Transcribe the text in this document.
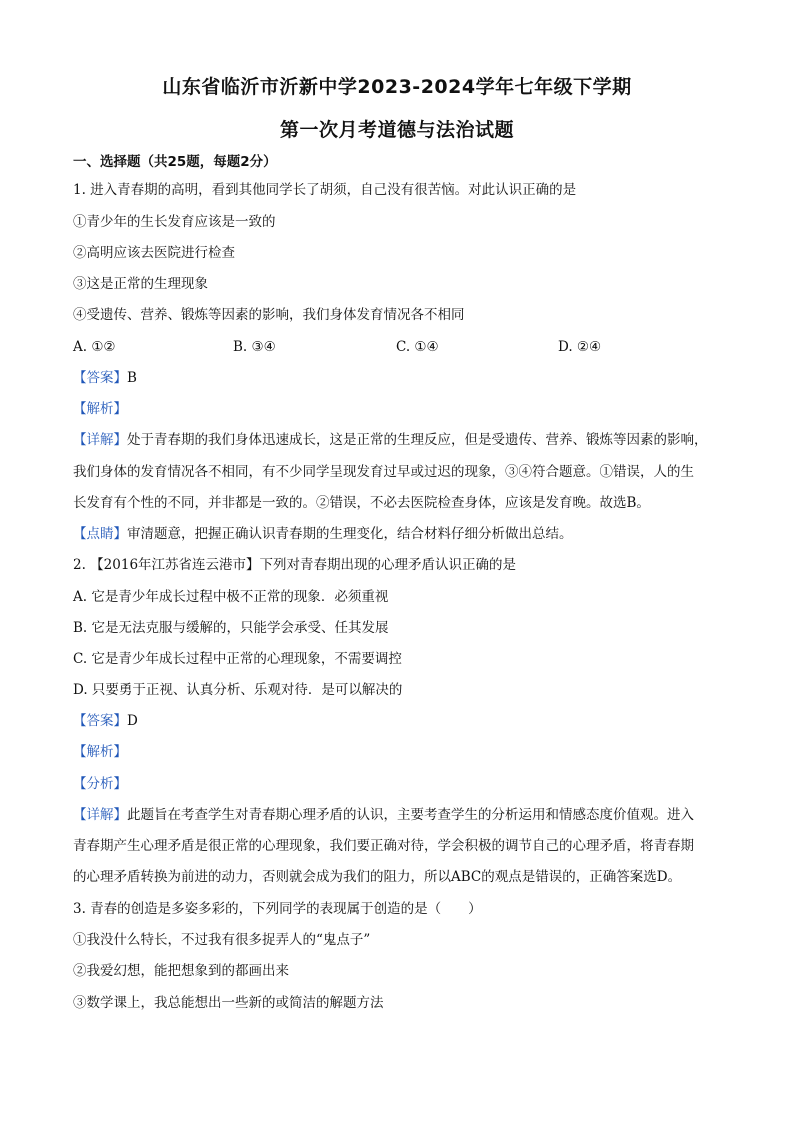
山东省临沂市沂新中学2023-2024学年七年级下学期
第一次月考道德与法治试题
一、选择题（共25题，每题2分）
1. 进入青春期的高明，看到其他同学长了胡须，自己没有很苦恼。对此认识正确的是
①青少年的生长发育应该是一致的
②高明应该去医院进行检查
③这是正常的生理现象
④受遗传、营养、锻炼等因素的影响，我们身体发育情况各不相同
A. ①②	B. ③④	C. ①④	D. ②④
【答案】B
【解析】
【详解】处于青春期的我们身体迅速成长，这是正常的生理反应，但是受遗传、营养、锻炼等因素的影响，
我们身体的发育情况各不相同，有不少同学呈现发育过早或过迟的现象，③④符合题意。①错误，人的生
长发育有个性的不同，并非都是一致的。②错误，不必去医院检查身体，应该是发育晚。故选B。
【点睛】审清题意，把握正确认识青春期的生理变化，结合材料仔细分析做出总结。
2. 【2016年江苏省连云港市】下列对青春期出现的心理矛盾认识正确的是
A. 它是青少年成长过程中极不正常的现象．必须重视
B. 它是无法克服与缓解的，只能学会承受、任其发展
C. 它是青少年成长过程中正常的心理现象，不需要调控
D. 只要勇于正视、认真分析、乐观对待．是可以解决的
【答案】D
【解析】
【分析】
【详解】此题旨在考查学生对青春期心理矛盾的认识，主要考查学生的分析运用和情感态度价值观。进入
青春期产生心理矛盾是很正常的心理现象，我们要正确对待，学会积极的调节自己的心理矛盾，将青春期
的心理矛盾转换为前进的动力，否则就会成为我们的阻力，所以ABC的观点是错误的，正确答案选D。
3. 青春的创造是多姿多彩的，下列同学的表现属于创造的是（　　）
①我没什么特长，不过我有很多捉弄人的“鬼点子”
②我爱幻想，能把想象到的都画出来
③数学课上，我总能想出一些新的或简洁的解题方法
